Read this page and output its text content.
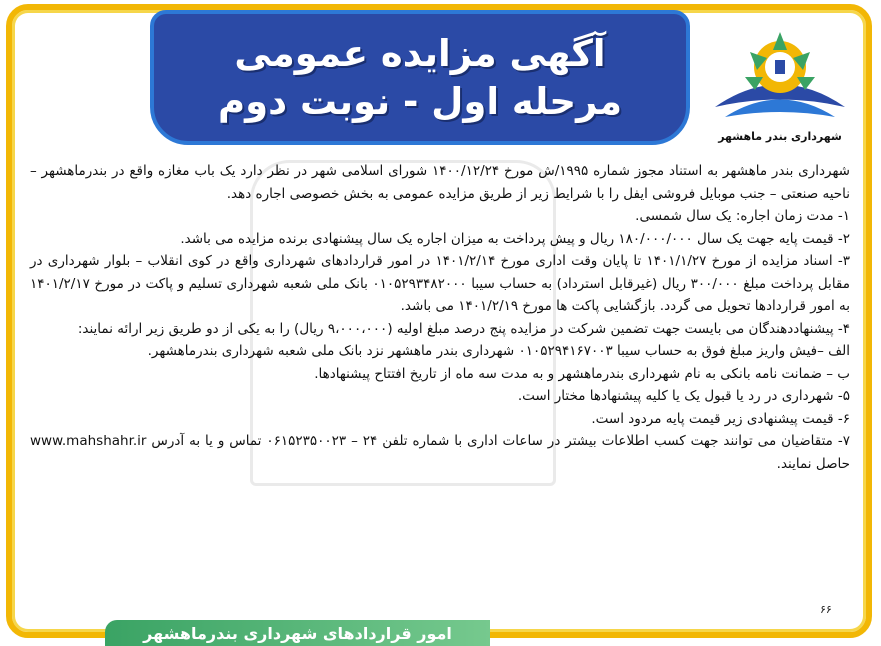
آگهی مزایده عمومی
مرحله اول - نوبت دوم
شهرداری بندر ماهشهر

شهرداری بندر ماهشهر به استناد مجوز شماره ۱۹۹۵/ش مورخ ۱۴۰۰/۱۲/۲۴ شورای اسلامی شهر در نظر دارد یک باب مغازه واقع در بندرماهشهر – ناحیه صنعتی – جنب موبایل فروشی ایفل را با شرایط زیر از طریق مزایده عمومی به بخش خصوصی اجاره دهد.

۱- مدت زمان اجاره: یک سال شمسی.

۲- قیمت پایه جهت یک سال ۱۸۰/۰۰۰/۰۰۰ ریال و پیش پرداخت به میزان اجاره یک سال پیشنهادی برنده مزایده می باشد.

۳- اسناد مزایده از مورخ ۱۴۰۱/۱/۲۷ تا پایان وقت اداری مورخ ۱۴۰۱/۲/۱۴ در امور قراردادهای شهرداری واقع در کوی انقلاب – بلوار شهرداری در مقابل پرداخت مبلغ ۳۰۰/۰۰۰ ریال (غیرقابل استرداد) به حساب سیبا ۰۱۰۵۲۹۳۴۸۲۰۰۰ بانک ملی شعبه شهرداری تسلیم و پاکت در مورخ ۱۴۰۱/۲/۱۷ به امور قراردادها تحویل می گردد. بازگشایی پاکت ها مورخ ۱۴۰۱/۲/۱۹ می باشد.

۴- پیشنهاددهندگان می بایست جهت تضمین شرکت در مزایده پنج درصد مبلغ اولیه (۹،۰۰۰،۰۰۰ ریال) را به یکی از دو طریق زیر ارائه نمایند:

الف –فیش واریز مبلغ فوق به حساب سیبا ۰۱۰۵۲۹۴۱۶۷۰۰۳ شهرداری بندر ماهشهر نزد بانک ملی شعبه شهرداری بندرماهشهر.

ب – ضمانت نامه بانکی به نام شهرداری بندرماهشهر و به مدت سه ماه از تاریخ افتتاح پیشنهادها.

۵- شهرداری در رد یا قبول یک یا کلیه پیشنهادها مختار است.

۶- قیمت پیشنهادی زیر قیمت پایه مردود است.

۷- متقاضیان می توانند جهت کسب اطلاعات بیشتر در ساعات اداری با شماره تلفن ۲۴ – ۰۶۱۵۲۳۵۰۰۲۳ تماس و یا به آدرس www.mahshahr.ir حاصل نمایند.

۶۶
امور قراردادهای شهرداری بندرماهشهر
